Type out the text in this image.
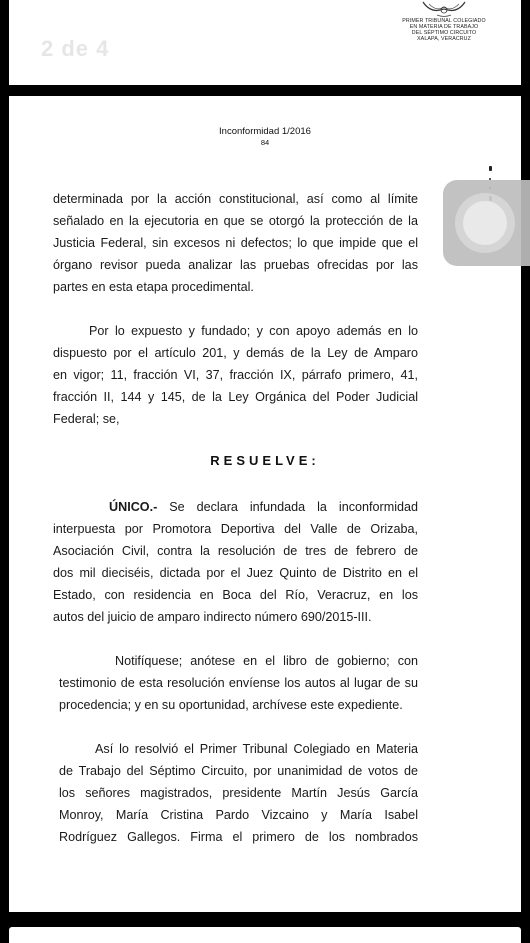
2 de 4
PRIMER TRIBUNAL COLEGIADO
EN MATERIA DE TRABAJO
DEL SÉPTIMO CIRCUITO
XALAPA, VERACRUZ
Inconformidad 1/2016
84
determinada por la acción constitucional, así como al límite
señalado en la ejecutoria en que se otorgó la protección de la
Justicia Federal, sin excesos ni defectos; lo que impide que el
órgano revisor pueda analizar las pruebas ofrecidas por las
partes en esta etapa procedimental.
Por lo expuesto y fundado; y con apoyo además en lo
dispuesto por el artículo 201, y demás de la Ley de Amparo
en vigor; 11, fracción VI, 37, fracción IX, párrafo primero, 41,
fracción II, 144 y 145, de la Ley Orgánica del Poder Judicial
Federal; se,
RESUELVE:
ÚNICO.- Se declara infundada la inconformidad
interpuesta por Promotora Deportiva del Valle de Orizaba,
Asociación Civil, contra la resolución de tres de febrero de
dos mil dieciséis, dictada por el Juez Quinto de Distrito en el
Estado, con residencia en Boca del Río, Veracruz, en los
autos del juicio de amparo indirecto número 690/2015-III.
Notifíquese; anótese en el libro de gobierno; con
testimonio de esta resolución envíense los autos al lugar de su
procedencia; y en su oportunidad, archívese este expediente.
Así lo resolvió el Primer Tribunal Colegiado en Materia
de Trabajo del Séptimo Circuito, por unanimidad de votos de
los señores magistrados, presidente Martín Jesús García
Monroy, María Cristina Pardo Vizcaino y María Isabel
Rodríguez Gallegos. Firma el primero de los nombrados
